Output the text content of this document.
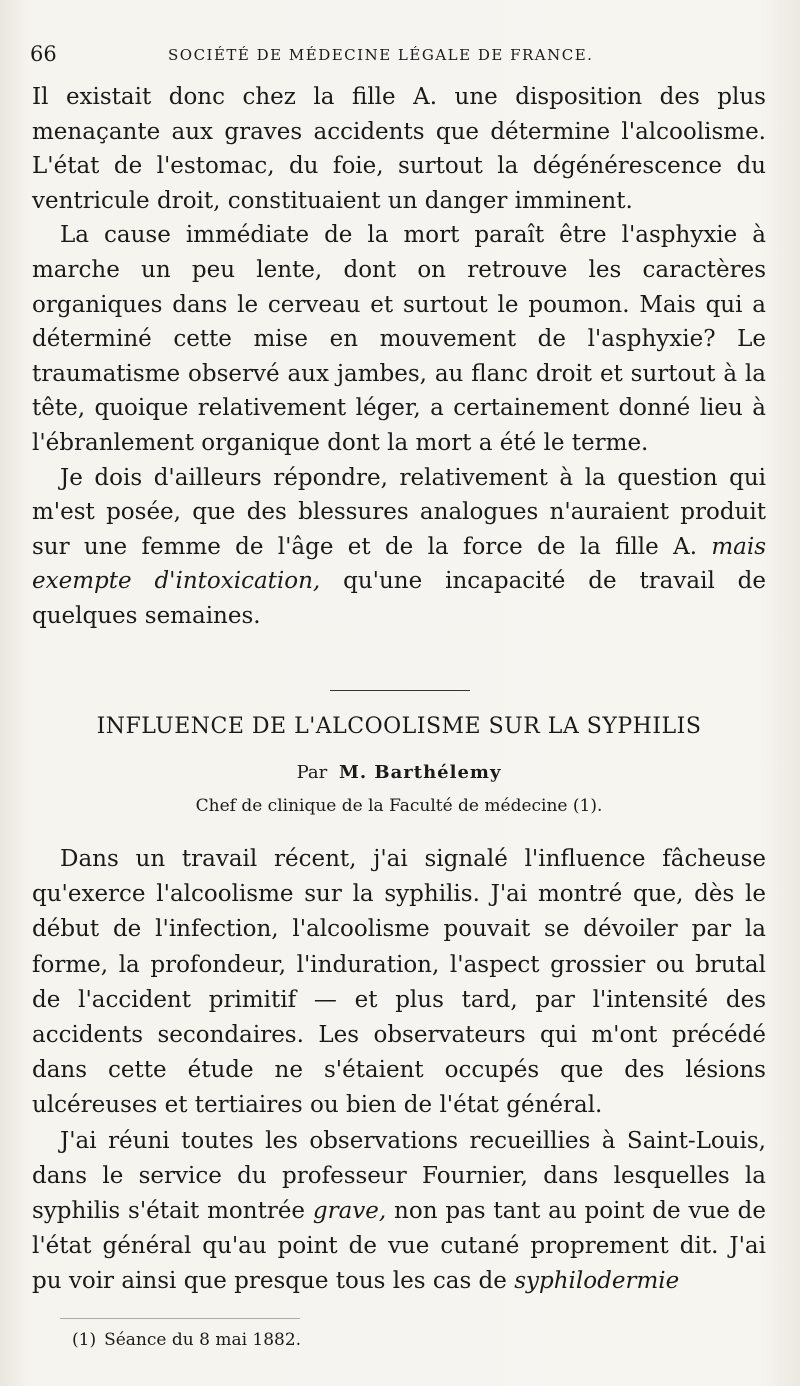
66	SOCIÉTÉ DE MÉDECINE LÉGALE DE FRANCE.

Il existait donc chez la fille A. une disposition des plus menaçante aux graves accidents que détermine l'alcoolisme. L'état de l'estomac, du foie, surtout la dégénérescence du ventricule droit, constituaient un danger imminent.

La cause immédiate de la mort paraît être l'asphyxie à marche un peu lente, dont on retrouve les caractères organiques dans le cerveau et surtout le poumon. Mais qui a déterminé cette mise en mouvement de l'asphyxie? Le traumatisme observé aux jambes, au flanc droit et surtout à la tête, quoique relativement léger, a certainement donné lieu à l'ébranlement organique dont la mort a été le terme.

Je dois d'ailleurs répondre, relativement à la question qui m'est posée, que des blessures analogues n'auraient produit sur une femme de l'âge et de la force de la fille A. mais exempte d'intoxication, qu'une incapacité de travail de quelques semaines.

INFLUENCE DE L'ALCOOLISME SUR LA SYPHILIS
Par M. Barthélemy
Chef de clinique de la Faculté de médecine (1).

Dans un travail récent, j'ai signalé l'influence fâcheuse qu'exerce l'alcoolisme sur la syphilis. J'ai montré que, dès le début de l'infection, l'alcoolisme pouvait se dévoiler par la forme, la profondeur, l'induration, l'aspect grossier ou brutal de l'accident primitif — et plus tard, par l'intensité des accidents secondaires. Les observateurs qui m'ont précédé dans cette étude ne s'étaient occupés que des lésions ulcéreuses et tertiaires ou bien de l'état général.

J'ai réuni toutes les observations recueillies à Saint-Louis, dans le service du professeur Fournier, dans lesquelles la syphilis s'était montrée grave, non pas tant au point de vue de l'état général qu'au point de vue cutané proprement dit. J'ai pu voir ainsi que presque tous les cas de syphilodermie

(1) Séance du 8 mai 1882.
